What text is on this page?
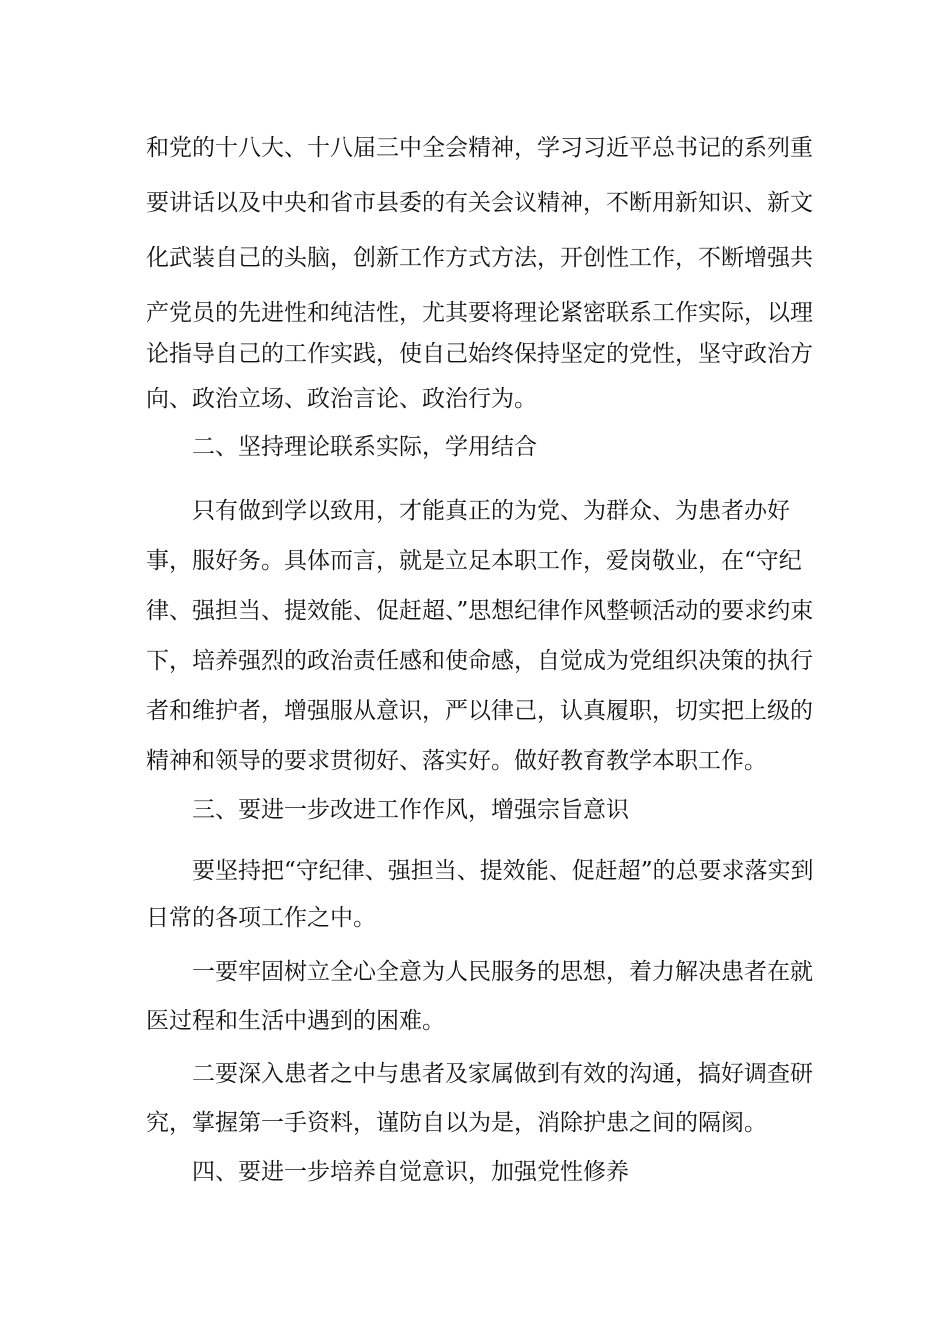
和党的十八大、十八届三中全会精神，学习习近平总书记的系列重
要讲话以及中央和省市县委的有关会议精神，不断用新知识、新文
化武装自己的头脑，创新工作方式方法，开创性工作，不断增强共
产党员的先进性和纯洁性，尤其要将理论紧密联系工作实际，以理
论指导自己的工作实践，使自己始终保持坚定的党性，坚守政治方
向、政治立场、政治言论、政治行为。
二、坚持理论联系实际，学用结合
只有做到学以致用，才能真正的为党、为群众、为患者办好
事，服好务。具体而言，就是立足本职工作，爱岗敬业，在“守纪
律、强担当、提效能、促赶超、”思想纪律作风整顿活动的要求约束
下，培养强烈的政治责任感和使命感，自觉成为党组织决策的执行
者和维护者，增强服从意识，严以律己，认真履职，切实把上级的
精神和领导的要求贯彻好、落实好。做好教育教学本职工作。
三、要进一步改进工作作风，增强宗旨意识
要坚持把“守纪律、强担当、提效能、促赶超”的总要求落实到
日常的各项工作之中。
一要牢固树立全心全意为人民服务的思想，着力解决患者在就
医过程和生活中遇到的困难。
二要深入患者之中与患者及家属做到有效的沟通，搞好调查研
究，掌握第一手资料，谨防自以为是，消除护患之间的隔阂。
四、要进一步培养自觉意识，加强党性修养
